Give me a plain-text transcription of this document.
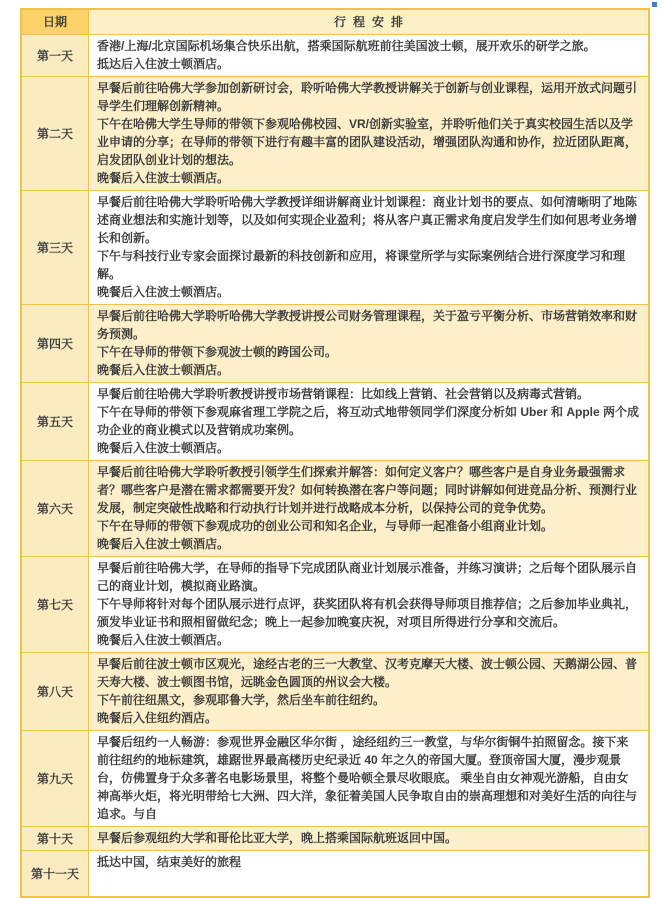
日期	行程安排
第一天	
香港/上海/北京国际机场集合快乐出航，搭乘国际航班前往美国波士顿，展开欢乐的研学之旅。
抵达后入住波士顿酒店。

第二天	
早餐后前往哈佛大学参加创新研讨会，聆听哈佛大学教授讲解关于创新与创业课程，运用开放式问题引导学生们理解创新精神。
下午在哈佛大学生导师的带领下参观哈佛校园、VR/创新实验室，并聆听他们关于真实校园生活以及学业申请的分享；在导师的带领下进行有趣丰富的团队建设活动，增强团队沟通和协作，拉近团队距离，启发团队创业计划的想法。
晚餐后入住波士顿酒店。

第三天	
早餐后前往哈佛大学聆听哈佛大学教授详细讲解商业计划课程：商业计划书的要点、如何清晰明了地陈述商业想法和实施计划等，以及如何实现企业盈利；将从客户真正需求角度启发学生们如何思考业务增长和创新。
下午与科技行业专家会面探讨最新的科技创新和应用，将课堂所学与实际案例结合进行深度学习和理解。
晚餐后入住波士顿酒店。

第四天	
早餐后前往哈佛大学聆听哈佛大学教授讲授公司财务管理课程，关于盈亏平衡分析、市场营销效率和财务预测。
下午在导师的带领下参观波士顿的跨国公司。
晚餐后入住波士顿酒店。

第五天	
早餐后前往哈佛大学聆听教授讲授市场营销课程：比如线上营销、社会营销以及病毒式营销。
下午在导师的带领下参观麻省理工学院之后，将互动式地带领同学们深度分析如 Uber 和 Apple 两个成功企业的商业模式以及营销成功案例。
晚餐后入住波士顿酒店。

第六天	
早餐后前往哈佛大学聆听教授引领学生们探索并解答：如何定义客户？哪些客户是自身业务最强需求者？哪些客户是潜在需求都需要开发？如何转换潜在客户等问题；同时讲解如何进竞品分析、预测行业发展，制定突破性战略和行动执行计划并进行战略成本分析，以保持公司的竞争优势。
下午在导师的带领下参观成功的创业公司和知名企业，与导师一起准备小组商业计划。
晚餐后入住波士顿酒店。

第七天	
早餐后前往哈佛大学，在导师的指导下完成团队商业计划展示准备，并练习演讲；之后每个团队展示自己的商业计划，模拟商业路演。
下午导师将针对每个团队展示进行点评，获奖团队将有机会获得导师项目推荐信；之后参加毕业典礼，颁发毕业证书和照相留做纪念；晚上一起参加晚宴庆祝，对项目所得进行分享和交流后。
晚餐后入住波士顿酒店。

第八天	
早餐后前往波士顿市区观光，途经古老的三一大教堂、汉考克摩天大楼、波士顿公园、天鹅湖公园、普天寿大楼、波士顿图书馆，远眺金色圆顶的州议会大楼。
下午前往纽黑文，参观耶鲁大学，然后坐车前往纽约。
晚餐后入住纽约酒店。

第九天	
早餐后纽约一人畅游：参观世界金融区华尔街 ，途经纽约三一教堂，与华尔街铜牛拍照留念。接下来前往纽约的地标建筑，雄踞世界最高楼历史纪录近 40 年之久的帝国大厦。登顶帝国大厦，漫步观景台，仿佛置身于众多著名电影场景里，将整个曼哈顿全景尽收眼底。 乘坐自由女神观光游船，自由女神高举火炬，将光明带给七大洲、四大洋，象征着美国人民争取自由的崇高理想和对美好生活的向往与追求。与自

第十天	早餐后参观纽约大学和哥伦比亚大学，晚上搭乘国际航班返回中国。

第十一天	
抵达中国，结束美好的旅程
